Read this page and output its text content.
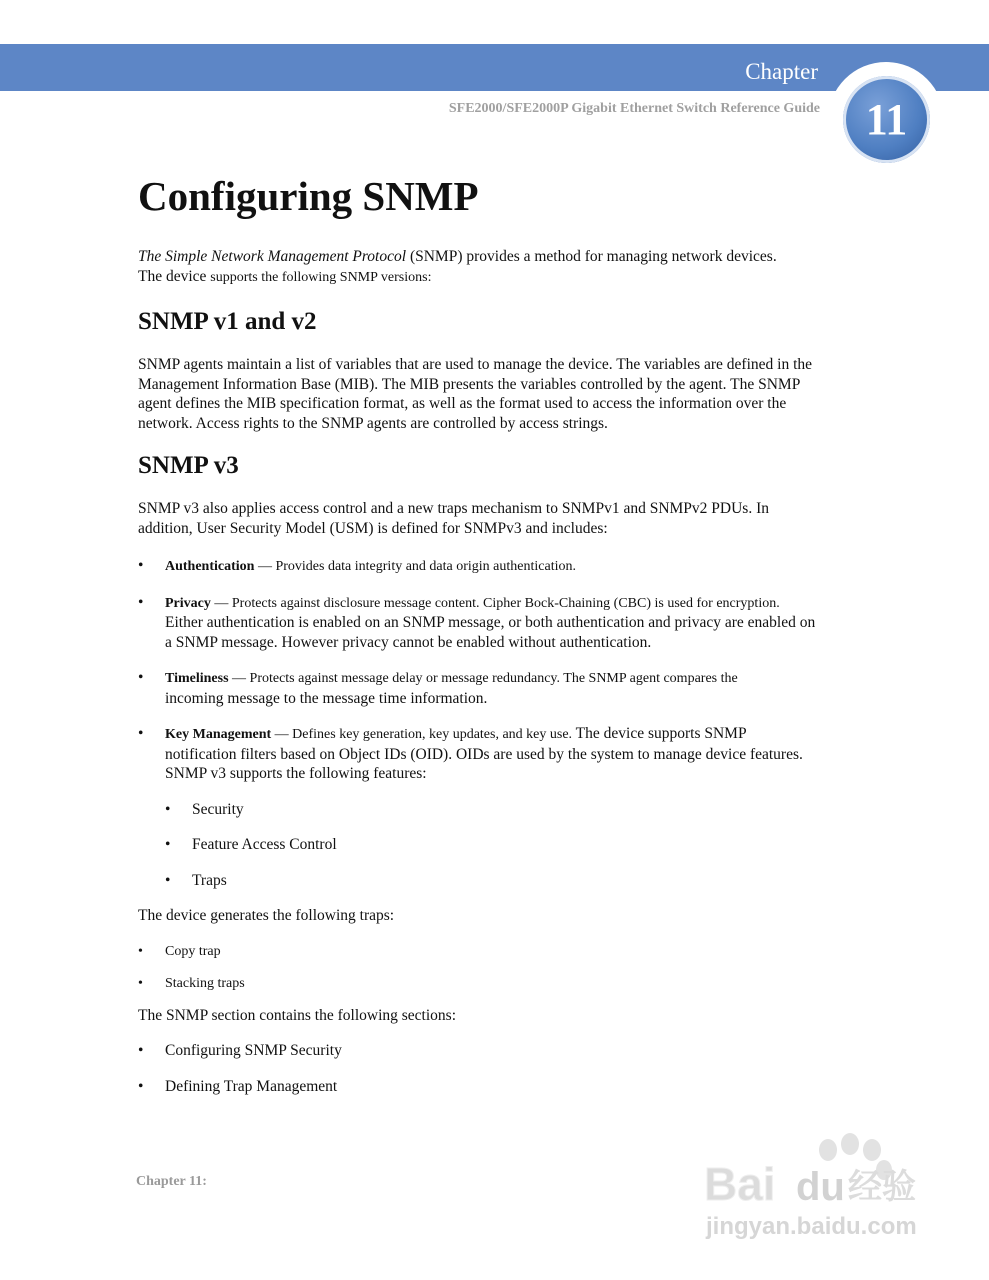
Chapter
11
SFE2000/SFE2000P Gigabit Ethernet Switch Reference Guide
Configuring SNMP

The Simple Network Management Protocol (SNMP) provides a method for managing network devices.
The device supports the following SNMP versions:

SNMP v1 and v2

SNMP agents maintain a list of variables that are used to manage the device. The variables are defined in the Management Information Base (MIB). The MIB presents the variables controlled by the agent. The SNMP agent defines the MIB specification format, as well as the format used to access the information over the network. Access rights to the SNMP agents are controlled by access strings.

SNMP v3

SNMP v3 also applies access control and a new traps mechanism to SNMPv1 and SNMPv2 PDUs. In addition, User Security Model (USM) is defined for SNMPv3 and includes:

• Authentication — Provides data integrity and data origin authentication.
• Privacy — Protects against disclosure message content. Cipher Bock-Chaining (CBC) is used for encryption.
Either authentication is enabled on an SNMP message, or both authentication and privacy are enabled on a SNMP message. However privacy cannot be enabled without authentication.
• Timeliness — Protects against message delay or message redundancy. The SNMP agent compares the
incoming message to the message time information.
• Key Management — Defines key generation, key updates, and key use. The device supports SNMP notification filters based on Object IDs (OID). OIDs are used by the system to manage device features. SNMP v3 supports the following features:
• Security
• Feature Access Control
• Traps

The device generates the following traps:

• Copy trap
• Stacking traps

The SNMP section contains the following sections:

• Configuring SNMP Security
• Defining Trap Management
Chapter 11:	Bai du 经验
jingyan.baidu.com
